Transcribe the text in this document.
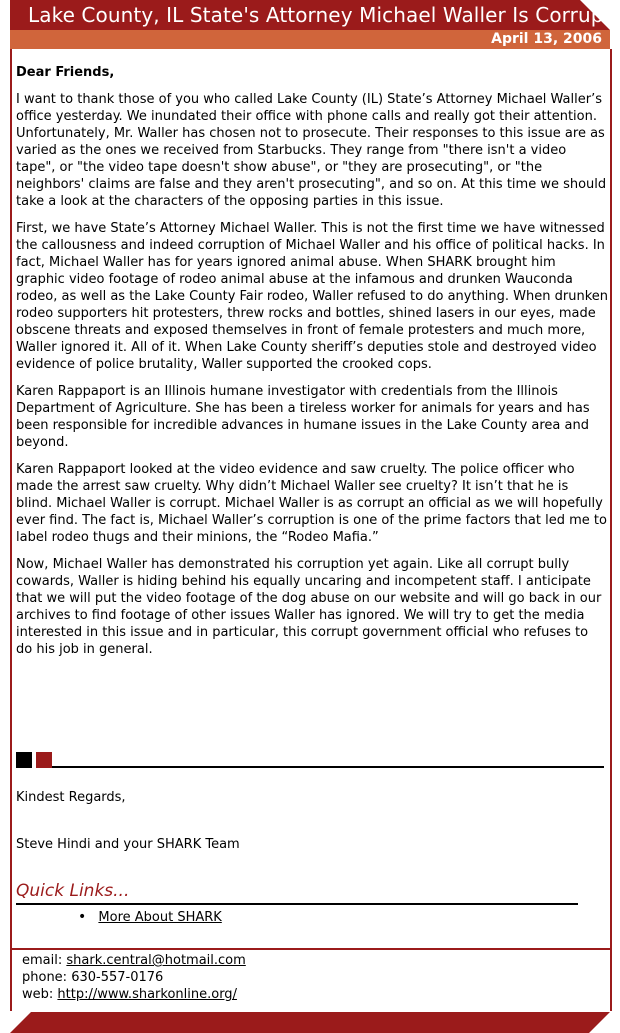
Lake County, IL State's Attorney Michael Waller Is Corrupt
April 13, 2006

Dear Friends,

I want to thank those of you who called Lake County (IL) State’s Attorney Michael Waller’s office yesterday. We inundated their office with phone calls and really got their attention. Unfortunately, Mr. Waller has chosen not to prosecute. Their responses to this issue are as varied as the ones we received from Starbucks. They range from "there isn't a video tape", or "the video tape doesn't show abuse", or "they are prosecuting", or "the neighbors' claims are false and they aren't prosecuting", and so on. At this time we should take a look at the characters of the opposing parties in this issue.

First, we have State’s Attorney Michael Waller. This is not the first time we have witnessed the callousness and indeed corruption of Michael Waller and his office of political hacks. In fact, Michael Waller has for years ignored animal abuse. When SHARK brought him graphic video footage of rodeo animal abuse at the infamous and drunken Wauconda rodeo, as well as the Lake County Fair rodeo, Waller refused to do anything. When drunken rodeo supporters hit protesters, threw rocks and bottles, shined lasers in our eyes, made obscene threats and exposed themselves in front of female protesters and much more, Waller ignored it. All of it. When Lake County sheriff’s deputies stole and destroyed video evidence of police brutality, Waller supported the crooked cops.

Karen Rappaport is an Illinois humane investigator with credentials from the Illinois Department of Agriculture. She has been a tireless worker for animals for years and has been responsible for incredible advances in humane issues in the Lake County area and beyond.

Karen Rappaport looked at the video evidence and saw cruelty. The police officer who made the arrest saw cruelty. Why didn’t Michael Waller see cruelty? It isn’t that he is blind. Michael Waller is corrupt. Michael Waller is as corrupt an official as we will hopefully ever find. The fact is, Michael Waller’s corruption is one of the prime factors that led me to label rodeo thugs and their minions, the “Rodeo Mafia.”

Now, Michael Waller has demonstrated his corruption yet again. Like all corrupt bully cowards, Waller is hiding behind his equally uncaring and incompetent staff. I anticipate that we will put the video footage of the dog abuse on our website and will go back in our archives to find footage of other issues Waller has ignored. We will try to get the media interested in this issue and in particular, this corrupt government official who refuses to do his job in general.

Kindest Regards,
Steve Hindi and your SHARK Team
Quick Links...
• More About SHARK
email: shark.central@hotmail.com
phone: 630-557-0176
web: http://www.sharkonline.org/
